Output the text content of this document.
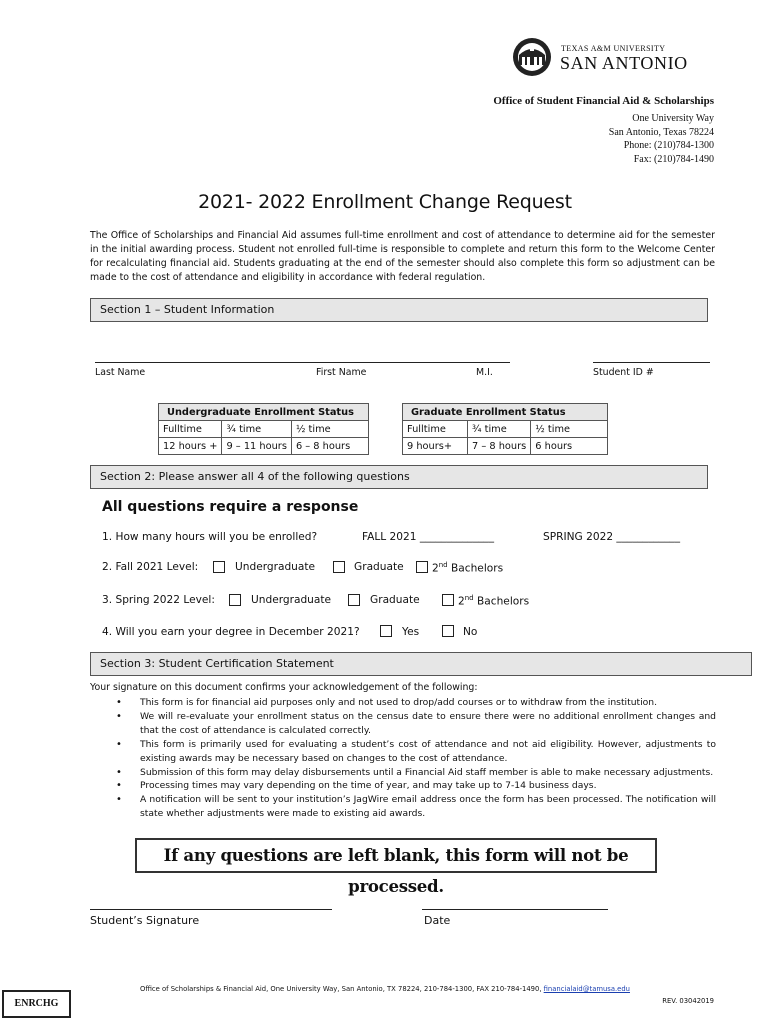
TEXAS A&M UNIVERSITY
SAN ANTONIO
Office of Student Financial Aid & Scholarships
One University Way
San Antonio, Texas 78224
Phone: (210)784-1300
Fax: (210)784-1490
2021- 2022 Enrollment Change Request
The Office of Scholarships and Financial Aid assumes full-time enrollment and cost of attendance to determine aid for the semester in the initial awarding process. Student not enrolled full-time is responsible to complete and return this form to the Welcome Center for recalculating financial aid. Students graduating at the end of the semester should also complete this form so adjustment can be made to the cost of attendance and eligibility in accordance with federal regulation.
Section 1 – Student Information
Last Name	First Name	M.I.	Student ID #
Undergraduate Enrollment Status		
Fulltime	¾ time	½ time
12 hours +	9 – 11 hours	6 – 8 hours
Graduate Enrollment Status		
Fulltime	¾ time	½ time
9 hours+	7 – 8 hours	6 hours
Section 2: Please answer all 4 of the following questions
All questions require a response
1. How many hours will you be enrolled?	FALL 2021 ______________	SPRING 2022 ____________
2. Fall 2021 Level:	Undergraduate	Graduate	2nd Bachelors
3. Spring 2022 Level:	Undergraduate	Graduate	2nd Bachelors
4. Will you earn your degree in December 2021?	Yes	No
Section 3: Student Certification Statement
Your signature on this document confirms your acknowledgement of the following:
• This form is for financial aid purposes only and not used to drop/add courses or to withdraw from the institution.
• We will re-evaluate your enrollment status on the census date to ensure there were no additional enrollment changes and that the cost of attendance is calculated correctly.
• This form is primarily used for evaluating a student’s cost of attendance and not aid eligibility. However, adjustments to existing awards may be necessary based on changes to the cost of attendance.
• Submission of this form may delay disbursements until a Financial Aid staff member is able to make necessary adjustments.
• Processing times may vary depending on the time of year, and may take up to 7-14 business days.
• A notification will be sent to your institution’s JagWire email address once the form has been processed. The notification will state whether adjustments were made to existing aid awards.
If any questions are left blank, this form will not be processed.
Student’s Signature	Date
Office of Scholarships & Financial Aid, One University Way, San Antonio, TX 78224, 210-784-1300, FAX 210-784-1490, financialaid@tamusa.edu
REV. 03042019
ENRCHG
